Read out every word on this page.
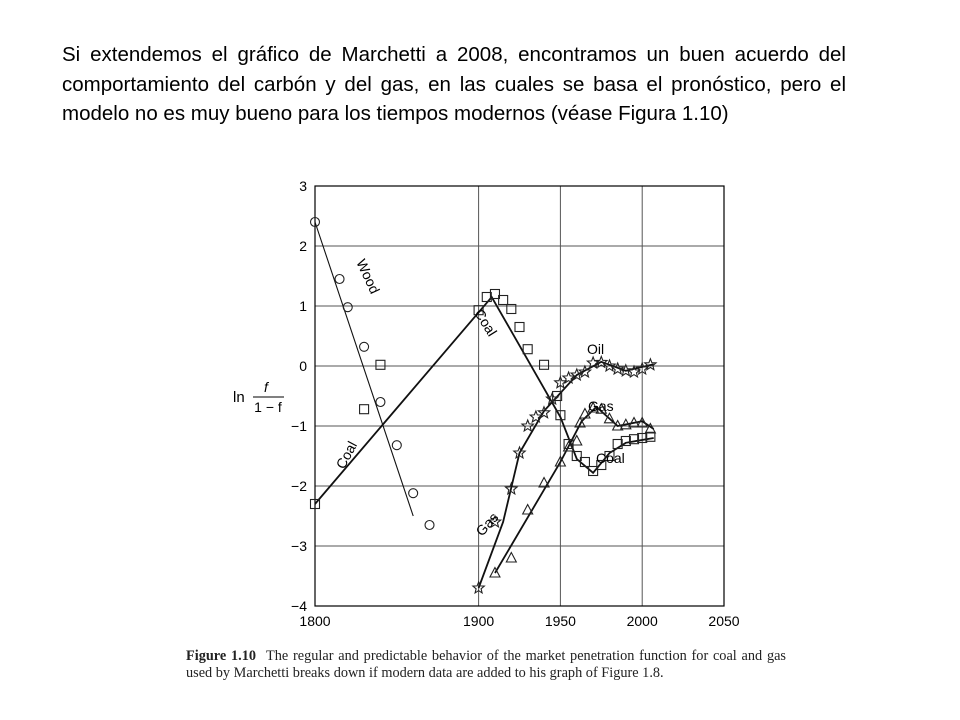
Si extendemos el gráfico de Marchetti a 2008, encontramos un buen acuerdo del comportamiento del carbón y del gas, en las cuales se basa el pronóstico, pero el modelo no es muy bueno para los tiempos modernos (véase Figura 1.10)

3
2
1
0
−1
−2
−3
−4
1800	1900	1950	2000	2050
ln
f
1 − f
Wood
Coal
Oil
Gas
Coal
Coal
Gas

Figure 1.10 The regular and predictable behavior of the market penetration function for coal and gas used by Marchetti breaks down if modern data are added to his graph of Figure 1.8.
